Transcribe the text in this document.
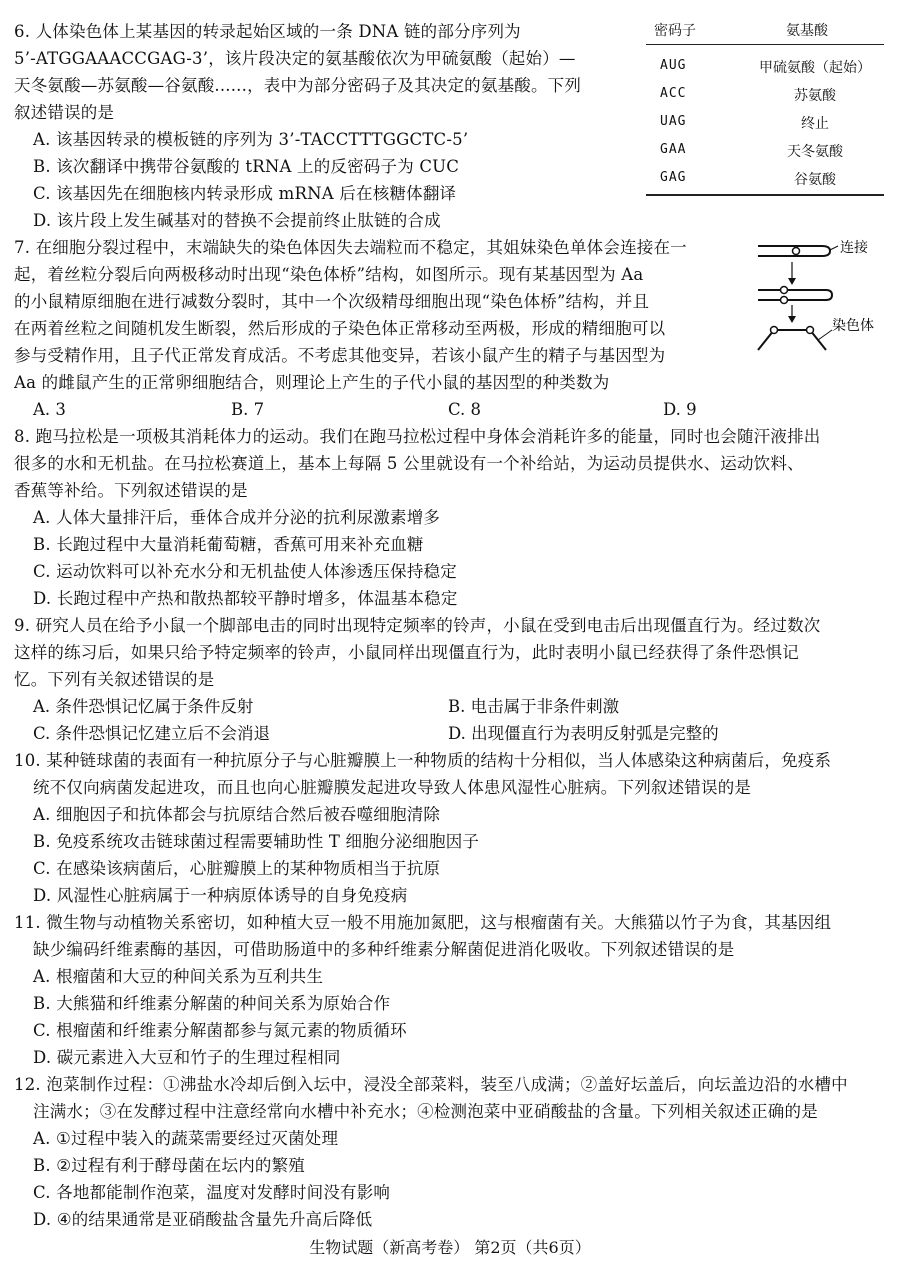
6. 人体染色体上某基因的转录起始区域的一条 DNA 链的部分序列为
5’-ATGGAAACCGAG-3’，该片段决定的氨基酸依次为甲硫氨酸（起始）—
天冬氨酸—苏氨酸—谷氨酸......，表中为部分密码子及其决定的氨基酸。下列
叙述错误的是
A. 该基因转录的模板链的序列为 3’-TACCTTTGGCTC-5’
B. 该次翻译中携带谷氨酸的 tRNA 上的反密码子为 CUC
C. 该基因先在细胞核内转录形成 mRNA 后在核糖体翻译
D. 该片段上发生碱基对的替换不会提前终止肽链的合成
密码子	氨基酸
AUG	甲硫氨酸（起始）
ACC	苏氨酸
UAG	终止
GAA	天冬氨酸
GAG	谷氨酸
7. 在细胞分裂过程中，末端缺失的染色体因失去端粒而不稳定，其姐妹染色单体会连接在一
起，着丝粒分裂后向两极移动时出现“染色体桥”结构，如图所示。现有某基因型为 Aa
的小鼠精原细胞在进行减数分裂时，其中一个次级精母细胞出现“染色体桥”结构，并且
在两着丝粒之间随机发生断裂，然后形成的子染色体正常移动至两极，形成的精细胞可以
参与受精作用，且子代正常发育成活。不考虑其他变异，若该小鼠产生的精子与基因型为
Aa 的雌鼠产生的正常卵细胞结合，则理论上产生的子代小鼠的基因型的种类数为
A. 3	B. 7	C. 8	D. 9
连接
染色体
8. 跑马拉松是一项极其消耗体力的运动。我们在跑马拉松过程中身体会消耗许多的能量，同时也会随汗液排出
很多的水和无机盐。在马拉松赛道上，基本上每隔 5 公里就设有一个补给站，为运动员提供水、运动饮料、
香蕉等补给。下列叙述错误的是
A. 人体大量排汗后，垂体合成并分泌的抗利尿激素增多
B. 长跑过程中大量消耗葡萄糖，香蕉可用来补充血糖
C. 运动饮料可以补充水分和无机盐使人体渗透压保持稳定
D. 长跑过程中产热和散热都较平静时增多，体温基本稳定
9. 研究人员在给予小鼠一个脚部电击的同时出现特定频率的铃声，小鼠在受到电击后出现僵直行为。经过数次
这样的练习后，如果只给予特定频率的铃声，小鼠同样出现僵直行为，此时表明小鼠已经获得了条件恐惧记
忆。下列有关叙述错误的是
A. 条件恐惧记忆属于条件反射	B. 电击属于非条件刺激
C. 条件恐惧记忆建立后不会消退	D. 出现僵直行为表明反射弧是完整的
10. 某种链球菌的表面有一种抗原分子与心脏瓣膜上一种物质的结构十分相似，当人体感染这种病菌后，免疫系
统不仅向病菌发起进攻，而且也向心脏瓣膜发起进攻导致人体患风湿性心脏病。下列叙述错误的是
A. 细胞因子和抗体都会与抗原结合然后被吞噬细胞清除
B. 免疫系统攻击链球菌过程需要辅助性 T 细胞分泌细胞因子
C. 在感染该病菌后，心脏瓣膜上的某种物质相当于抗原
D. 风湿性心脏病属于一种病原体诱导的自身免疫病
11. 微生物与动植物关系密切，如种植大豆一般不用施加氮肥，这与根瘤菌有关。大熊猫以竹子为食，其基因组
缺少编码纤维素酶的基因，可借助肠道中的多种纤维素分解菌促进消化吸收。下列叙述错误的是
A. 根瘤菌和大豆的种间关系为互利共生
B. 大熊猫和纤维素分解菌的种间关系为原始合作
C. 根瘤菌和纤维素分解菌都参与氮元素的物质循环
D. 碳元素进入大豆和竹子的生理过程相同
12. 泡菜制作过程：①沸盐水冷却后倒入坛中，浸没全部菜料，装至八成满；②盖好坛盖后，向坛盖边沿的水槽中
注满水；③在发酵过程中注意经常向水槽中补充水；④检测泡菜中亚硝酸盐的含量。下列相关叙述正确的是
A. ①过程中装入的蔬菜需要经过灭菌处理
B. ②过程有利于酵母菌在坛内的繁殖
C. 各地都能制作泡菜，温度对发酵时间没有影响
D. ④的结果通常是亚硝酸盐含量先升高后降低
生物试题（新高考卷） 第2页（共6页）
